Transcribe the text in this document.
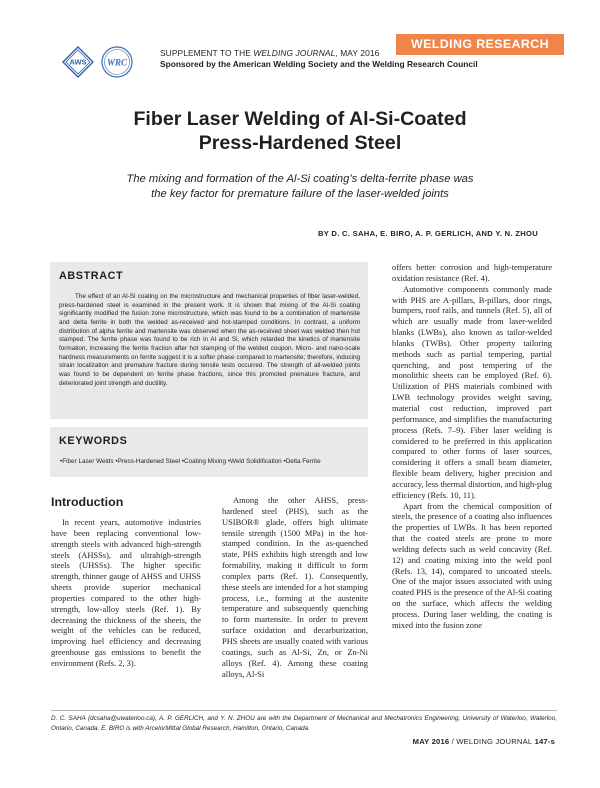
AWS WRC
SUPPLEMENT TO THE WELDING JOURNAL, MAY 2016
Sponsored by the American Welding Society and the Welding Research Council
WELDING RESEARCH
Fiber Laser Welding of Al-Si-Coated
Press-Hardened Steel
The mixing and formation of the Al-Si coating’s delta-ferrite phase was
the key factor for premature failure of the laser-welded joints
BY D. C. SAHA, E. BIRO, A. P. GERLICH, AND Y. N. ZHOU
ABSTRACT

The effect of an Al-Si coating on the microstructure and mechanical properties of fiber laser-welded, press-hardened steel is examined in the present work. It is shown that mixing of the Al-Si coating significantly modified the fusion zone microstructure, which was found to be a combination of martensite and delta ferrite in both the welded as-received and hot-stamped conditions. In contrast, a uniform distribution of alpha ferrite and martensite was observed when the as-received sheet was welded then hot stamped. The ferrite phase was found to be rich in Al and Si, which retarded the kinetics of martensite formation, increasing the ferrite fraction after hot stamping of the welded coupon. Micro- and nano-scale hardness measurements on ferrite suggest it is a softer phase compared to martensite; therefore, inducing strain localization and premature fracture during tensile tests occurred. The strength of all-welded joints was found to be dependent on ferrite phase fractions, since this promoted premature fracture, and deteriorated joint strength and ductility.

KEYWORDS
• Fiber Laser Welds • Press-Hardened Steel • Coating Mixing • Weld Solidification • Delta Ferrite
Introduction

In recent years, automotive industries have been replacing conventional low-strength steels with advanced high-strength steels (AHSSs), and ultrahigh-strength steels (UHSSs). The higher specific strength, thinner gauge of AHSS and UHSS sheets provide superior mechanical properties compared to the other high-strength, low-alloy steels (Ref. 1). By decreasing the thickness of the sheets, the weight of the vehicles can be reduced, improving fuel efficiency and decreasing greenhouse gas emissions to benefit the environment (Refs. 2, 3).

Among the other AHSS, press-hardened steel (PHS), such as the USIBOR® glade, offers high ultimate tensile strength (1500 MPa) in the hot-stamped condition. In the as-quenched state, PHS exhibits high strength and low formability, making it difficult to form complex parts (Ref. 1). Consequently, these steels are intended for a hot stamping process, i.e., forming at the austenite temperature and subsequently quenching to form martensite. In order to prevent surface oxidation and decarburization, PHS sheets are usually coated with various coatings, such as Al-Si, Zn, or Zn-Ni alloys (Ref. 4). Among these coating alloys, Al-Si

offers better corrosion and high-temperature oxidation resistance (Ref. 4).

Automotive components commonly made with PHS are A-pillars, B-pillars, door rings, bumpers, roof rails, and tunnels (Ref. 5), all of which are usually made from laser-welded blanks (LWBs), also known as tailor-welded blanks (TWBs). Other property tailoring methods such as partial tempering, partial quenching, and post tempering of the monolithic sheets can be employed (Ref. 6). Utilization of PHS materials combined with LWB technology provides weight saving, material cost reduction, improved part performance, and simplifies the manufacturing process (Refs. 7–9). Fiber laser welding is considered to be preferred in this application compared to other forms of laser sources, considering it offers a small beam diameter, flexible beam delivery, higher precision and accuracy, less thermal distortion, and high-plug efficiency (Refs. 10, 11).

Apart from the chemical composition of steels, the presence of a coating also influences the properties of LWBs. It has been reported that the coated steels are prone to more welding defects such as weld concavity (Ref. 12) and coating mixing into the weld pool (Refs. 13, 14), compared to uncoated steels. One of the major issues associated with using coated PHS is the presence of the Al-Si coating on the surface, which affects the welding process. During laser welding, the coating is mixed into the fusion zone

D. C. SAHA (dcsaha@uwaterloo.ca), A. P. GERLICH, and Y. N. ZHOU are with the Department of Mechanical and Mechatronics Engineering, University of Waterloo, Waterloo, Ontario, Canada. E. BIRO is with ArcelorMittal Global Research, Hamilton, Ontario, Canada.

MAY 2016 / WELDING JOURNAL 147-s
